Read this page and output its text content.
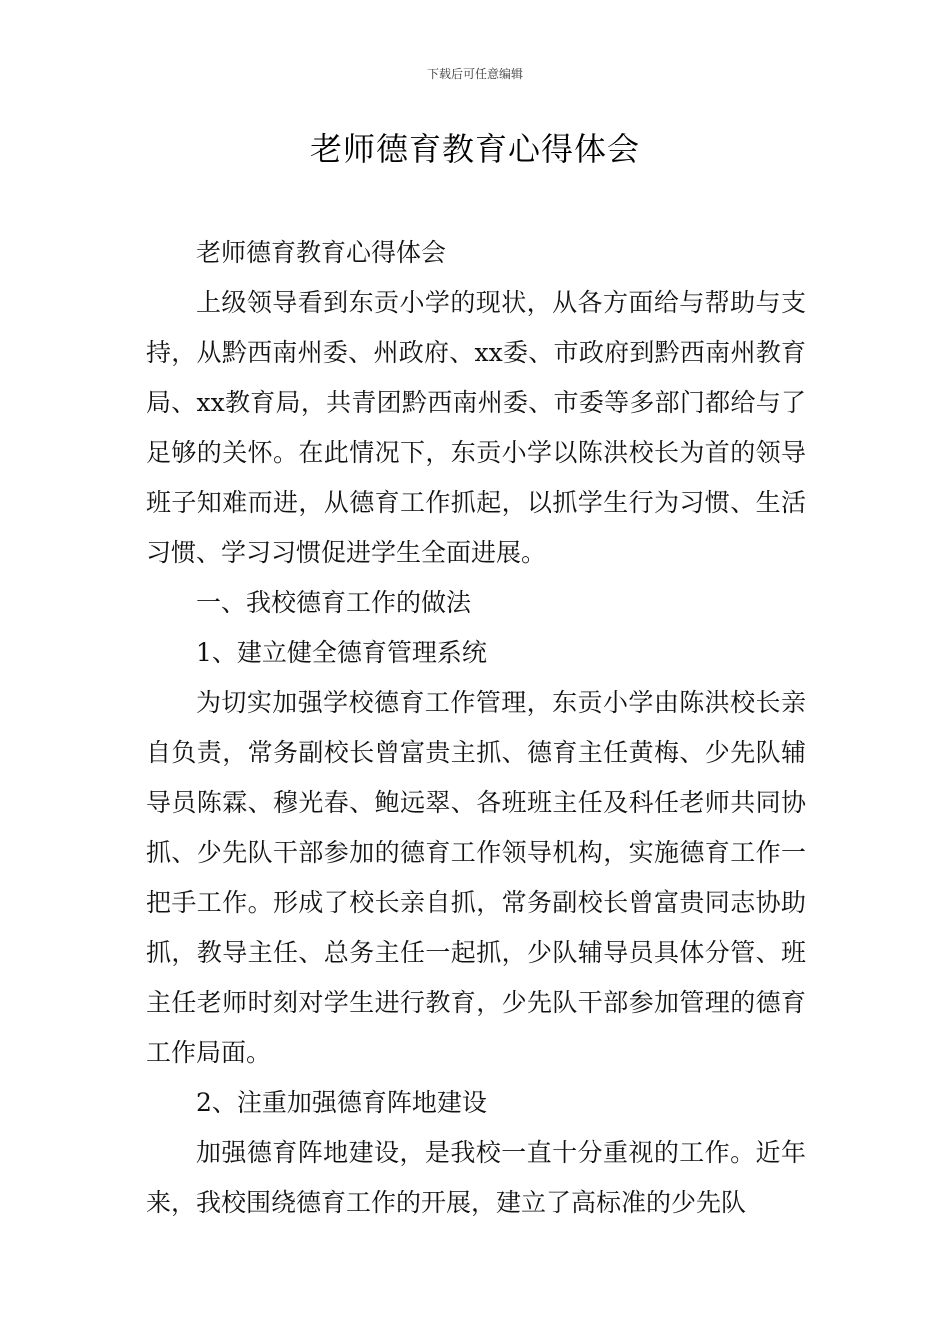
下载后可任意编辑
老师德育教育心得体会

老师德育教育心得体会

上级领导看到东贡小学的现状，从各方面给与帮助与支持，从黔西南州委、州政府、xx委、市政府到黔西南州教育局、xx教育局，共青团黔西南州委、市委等多部门都给与了足够的关怀。在此情况下，东贡小学以陈洪校长为首的领导班子知难而进，从德育工作抓起，以抓学生行为习惯、生活习惯、学习习惯促进学生全面进展。

一、我校德育工作的做法

1、建立健全德育管理系统

为切实加强学校德育工作管理，东贡小学由陈洪校长亲自负责，常务副校长曾富贵主抓、德育主任黄梅、少先队辅导员陈霖、穆光春、鲍远翠、各班班主任及科任老师共同协抓、少先队干部参加的德育工作领导机构，实施德育工作一把手工作。形成了校长亲自抓，常务副校长曾富贵同志协助抓，教导主任、总务主任一起抓，少队辅导员具体分管、班主任老师时刻对学生进行教育，少先队干部参加管理的德育工作局面。

2、注重加强德育阵地建设

加强德育阵地建设，是我校一直十分重视的工作。近年来，我校围绕德育工作的开展，建立了高标准的少先队
